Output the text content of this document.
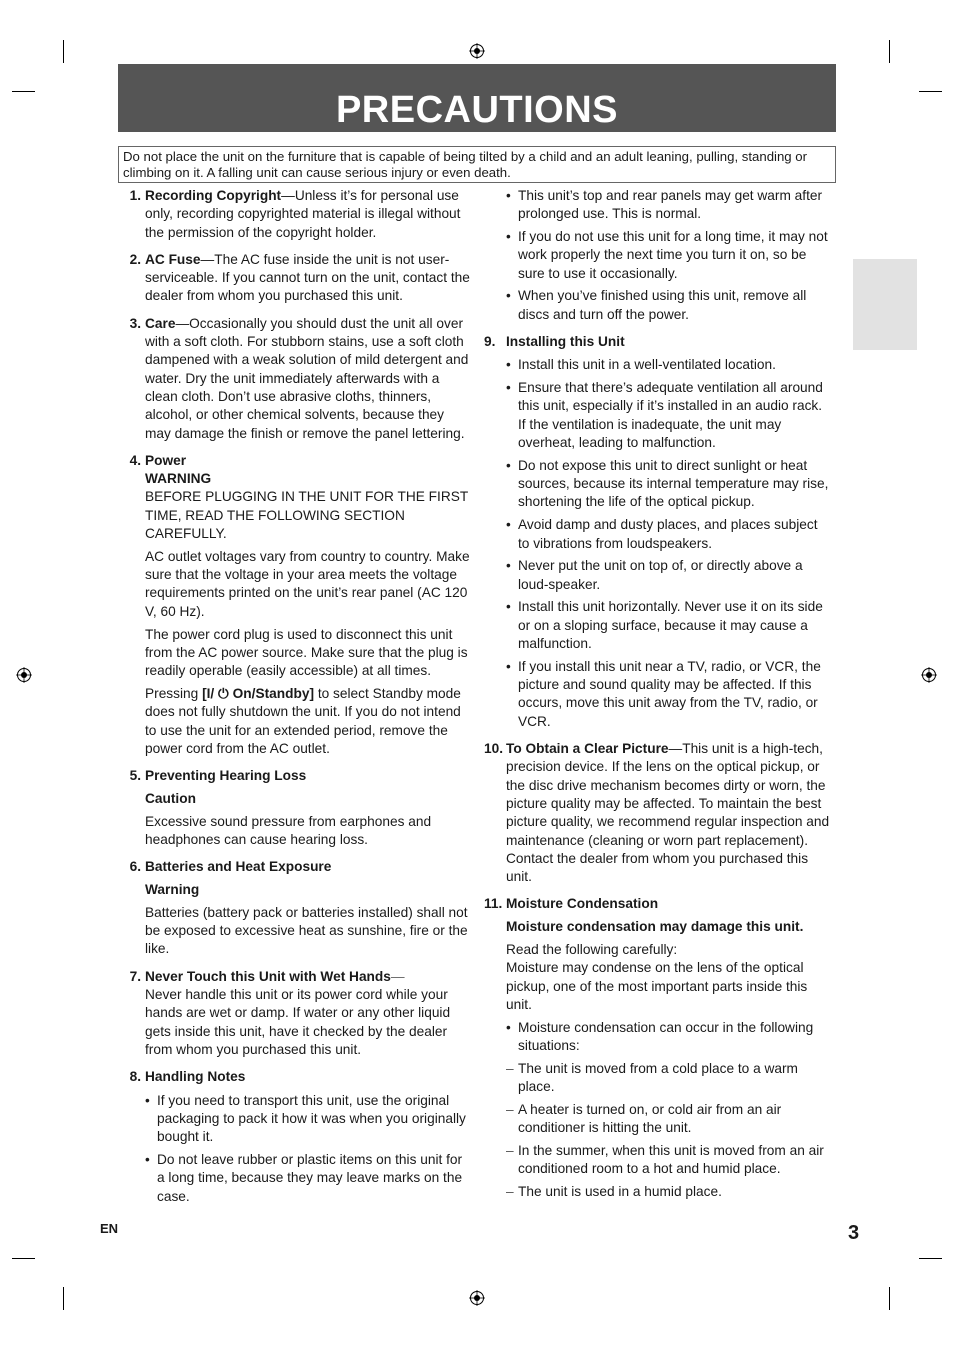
PRECAUTIONS
Do not place the unit on the furniture that is capable of being tilted by a child and an adult leaning, pulling, standing or climbing on it. A falling unit can cause serious injury or even death.
1. Recording Copyright—Unless it’s for personal use only, recording copyrighted material is illegal without the permission of the copyright holder.

2. AC Fuse—The AC fuse inside the unit is not user-serviceable. If you cannot turn on the unit, contact the dealer from whom you purchased this unit.

3. Care—Occasionally you should dust the unit all over with a soft cloth. For stubborn stains, use a soft cloth dampened with a weak solution of mild detergent and water. Dry the unit immediately afterwards with a clean cloth. Don’t use abrasive cloths, thinners, alcohol, or other chemical solvents, because they may damage the finish or remove the panel lettering.

4. Power
WARNING

BEFORE PLUGGING IN THE UNIT FOR THE FIRST TIME, READ THE FOLLOWING SECTION CAREFULLY.

AC outlet voltages vary from country to country. Make sure that the voltage in your area meets the voltage requirements printed on the unit’s rear panel (AC 120 V, 60 Hz).

The power cord plug is used to disconnect this unit from the AC power source. Make sure that the plug is readily operable (easily accessible) at all times.

Pressing [I/ ⏻ On/Standby] to select Standby mode does not fully shutdown the unit. If you do not intend to use the unit for an extended period, remove the power cord from the AC outlet.

5. Preventing Hearing Loss

Caution

Excessive sound pressure from earphones and headphones can cause hearing loss.

6. Batteries and Heat Exposure

Warning

Batteries (battery pack or batteries installed) shall not be exposed to excessive heat as sunshine, fire or the like.

7. Never Touch this Unit with Wet Hands—
Never handle this unit or its power cord while your hands are wet or damp. If water or any other liquid gets inside this unit, have it checked by the dealer from whom you purchased this unit.

8. Handling Notes
• If you need to transport this unit, use the original packaging to pack it how it was when you originally bought it.
• Do not leave rubber or plastic items on this unit for a long time, because they may leave marks on the case.
• This unit’s top and rear panels may get warm after prolonged use. This is normal.
• If you do not use this unit for a long time, it may not work properly the next time you turn it on, so be sure to use it occasionally.
• When you’ve finished using this unit, remove all discs and turn off the power.
9. Installing this Unit
• Install this unit in a well-ventilated location.
• Ensure that there’s adequate ventilation all around this unit, especially if it’s installed in an audio rack. If the ventilation is inadequate, the unit may overheat, leading to malfunction.
• Do not expose this unit to direct sunlight or heat sources, because its internal temperature may rise, shortening the life of the optical pickup.
• Avoid damp and dusty places, and places subject to vibrations from loudspeakers.
• Never put the unit on top of, or directly above a loud-speaker.
• Install this unit horizontally. Never use it on its side or on a sloping surface, because it may cause a malfunction.
• If you install this unit near a TV, radio, or VCR, the picture and sound quality may be affected. If this occurs, move this unit away from the TV, radio, or VCR.
10. To Obtain a Clear Picture—This unit is a high-tech, precision device. If the lens on the optical pickup, or the disc drive mechanism becomes dirty or worn, the picture quality may be affected. To maintain the best picture quality, we recommend regular inspection and maintenance (cleaning or worn part replacement). Contact the dealer from whom you purchased this unit.

11. Moisture Condensation

Moisture condensation may damage this unit.

Read the following carefully:

Moisture may condense on the lens of the optical pickup, one of the most important parts inside this unit.

• Moisture condensation can occur in the following situations:
– The unit is moved from a cold place to a warm place.
– A heater is turned on, or cold air from an air conditioner is hitting the unit.
– In the summer, when this unit is moved from an air conditioned room to a hot and humid place.
– The unit is used in a humid place.
EN	3
